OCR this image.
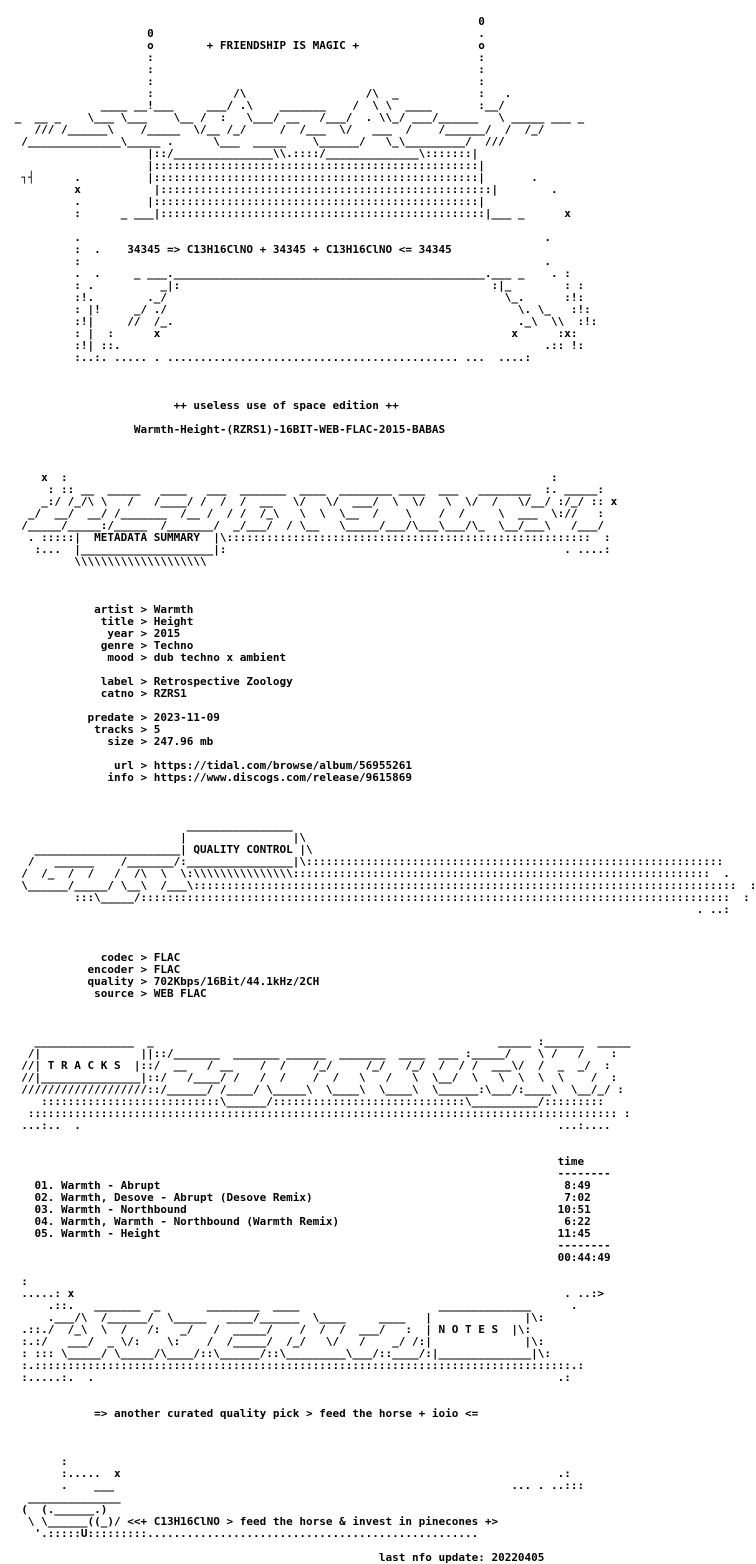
0
0                                                 .
o        + FRIENDSHIP IS MAGIC +                  o
:                                                 :
:                                                 :
:                                                 :
:            /\                  /\  _            :   .
____ __!___     ___/ .\    _______    /  \ \  ____       :__/
_  __ _    \___ \___    \__ /  :   \___/ __   /___/  . \\_/ ___/______   \ _____ ___ _
/// /______\    /_____  \/__ /_/     /  /___  \/   ___  /    /______/  /  /_/
/______________\_____ .      \___  _____    \______/   \_\_________/  ///
|::/_______________\\.::::/______________\:::::::|
|:::::::::::::::::::::::::::::::::::::::::::::::::|
┐┤      .          |:::::::::::::::::::::::::::::::::::::::::::::::::|       .
x           |::::::::::::::::::::::::::::::::::::::::::::::::::|        .
.          |:::::::::::::::::::::::::::::::::::::::::::::::::|
:      _ ___|:::::::::::::::::::::::::::::::::::::::::::::::::|___ _      x

.                                                                      .
:  .    34345 => C13H16ClNO + 34345 + C13H16ClNO <= 34345
:                                                                      .
.  .     _ ___._______________________________________________.___ _    . :
: .          _|:                                               :|_        : :
:!.        ._/                                                   \_.      :!:
: |!     _/ ./                                                     \. \_   :!:
:!|     //  /_.                                                    ._\  \\  :!:
: |  :      x                                                     x      :x:
:!| ::.                                                                .:: !:
:..:. ..... . ............................................ ...  ....:

++ useless use of space edition ++

Warmth-Height-(RZRS1)-16BIT-WEB-FLAC-2015-BABAS

x  :                                                                         :
: :: __  _____   ____   ___  _______  ____  ________ ____  ___   ________  :. _____:
_:/ /_/\ \   /   /____/ /  /  /  __   \/   \/  ___/  \  \/   \  \/  /   \/__/ :/_/ :: x
_/  __/  __/ /_______  /__ /  / /  /_\   \  \  \__  /    \    /  /     \  ___  \://   :
/_____/_____:/_____  /_______/  _/___/  / \__   \_____/___/\___\___/\_  \__/___\   /___/
. :::::|  METADATA SUMMARY  |\:::::::::::::::::::::::::::::::::::::::::::::::::::::::  :
:...  |____________________|:                                                   . ....:
\\\\\\\\\\\\\\\\\\\\

artist > Warmth
title > Height
year > 2015
genre > Techno
mood > dub techno x ambient

label > Retrospective Zoology
catno > RZRS1

predate > 2023-11-09
tracks > 5
size > 247.96 mb

url > https://tidal.com/browse/album/56955261
info > https://www.discogs.com/release/9615869

________________
|                |\
______________________| QUALITY CONTROL |\
/   ______    /_______/:________________|\:::::::::::::::::::::::::::::::::::::::::::::::::::::::::::::::
/  /_  /  /   /  /\  \  \:\\\\\\\\\\\\\\\:::::::::::::::::::::::::::::::::::::::::::::::::::::::::::::::  .
\______/_____/ \__\  /___\::::::::::::::::::::::::::::::::::::::::::::::::::::::::::::::::::::::::::::::::::  :
:::\_____/:::::::::::::::::::::::::::::::::::::::::::::::::::::::::::::::::::::::::::::::::::::::::  :
. ..:

codec > FLAC
encoder > FLAC
quality > 702Kbps/16Bit/44.1kHz/2CH
source > WEB FLAC

_______________  _                                                    _____ :______  _____
/|               ||::/_______  _______ ______  _______  ____  ___ :_____/    \ /   /    :
//| T R A C K S  |::/  __   / __    /  /    /_/     /_/   /_/  /  / /  ___\/  /  _  _/  :
//|_______________|::/   /____/ /   /  /    /  /   \   /   \  \__/  \   \  \  \  \    /  :
///////////////////::/______/ /____/ \_____\  \____\  \____\  \______:\___/:____\  \__/_/ :
:::::::::::::::::::::::::::\______/:::::::::::::::::::::::::::::\__________/:::::::::
::::::::::::::::::::::::::::::::::::::::::::::::::::::::::::::::::::::::::::::::::::::::: :
...:..  .                                                                        ...:....

time
--------
01. Warmth - Abrupt                                                             8:49
02. Warmth, Desove - Abrupt (Desove Remix)                                      7:02
03. Warmth - Northbound                                                        10:51
04. Warmth, Warmth - Northbound (Warmth Remix)                                  6:22
05. Warmth - Height                                                            11:45
--------
00:44:49

:
.....: x                                                                          . ..:>
.::.   _______  _       ________  ____                     ______________      .
.___/\  /______/  \_____   ____/______  \____     ____   |              |\:
.::./  /_\  \  /   /:   _/   /  _____/    /  /  /  ___/   :  | N O T E S  |\:
:.:/   ___/  _ \/:    \:    /  /_____/  /_/   \/   /    _/ /:|              |\:
: ::: \_____/ \_____/\____/::\______/::\_________\___/::____/:|______________|\:
:.:::::::::::::::::::::::::::::::::::::::::::::::::::::::::::::::::::::::::::::::::.:
:.....:.  .                                                                      .:

=> another curated quality pick > feed the horse + ioio <=

:
:.....  x                                                                  .:
.    ___                                                            ... . ..:::
______________
(  (.______.)
\ \______((_)/ <<+ C13H16ClNO > feed the horse & invest in pinecones +>
'.:::::U:::::::::..................................................

last nfo update: 20220405
